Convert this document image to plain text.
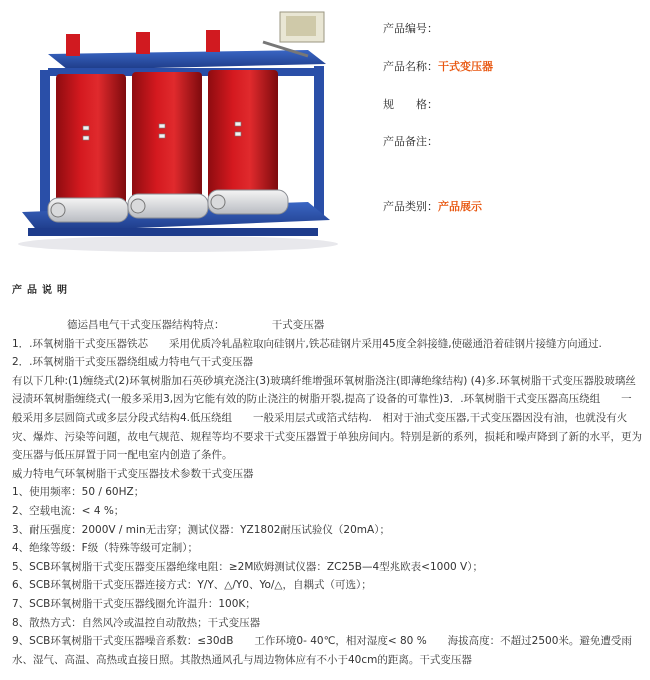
产品编号：
产品名称：干式变压器
规　　格：
产品备注：
产品类别：产品展示
产品说明
德运昌电气干式变压器结构特点：　　　　　干式变压器
1．.环氧树脂干式变压器铁芯　　采用优质冷轧晶粒取向硅钢片,铁芯硅钢片采用45度全斜接缝,使磁通沿着硅钢片接缝方向通过.
2．.环氧树脂干式变压器绕组威力特电气干式变压器
有以下几种:(1)缠绕式(2)环氧树脂加石英砂填充浇注(3)玻璃纤维增强环氧树脂浇注(即薄绝缘结构) (4)多.环氧树脂干式变压器股玻璃丝浸渍环氧树脂缠绕式(一般多采用3,因为它能有效的防止浇注的树脂开裂,提高了设备的可靠性)3．.环氧树脂干式变压器高压绕组　　一般采用多层圆筒式或多层分段式结构4.低压绕组　　一般采用层式或箔式结构.　相对于油式变压器,干式变压器因没有油，也就没有火灾、爆炸、污染等问题，故电气规范、规程等均不要求干式变压器置于单独房间内。特别是新的系列，损耗和噪声降到了新的水平，更为变压器与低压屏置于同一配电室内创造了条件。
威力特电气环氧树脂干式变压器技术参数干式变压器
1、使用频率：50 / 60HZ；
2、空载电流：< 4 %；
3、耐压强度：2000V / min无击穿；测试仪器：YZ1802耐压试验仪（20mA）；
4、绝缘等级：F级（特殊等级可定制）；
5、SCB环氧树脂干式变压器变压器绝缘电阻：≥2M欧姆测试仪器：ZC25B—4型兆欧表<1000 V）；
6、SCB环氧树脂干式变压器连接方式：Y/Y、△/Y0、Yo/△，自耦式（可选）；
7、SCB环氧树脂干式变压器线圈允许温升：100K；
8、散热方式：自然风冷或温控自动散热；干式变压器
9、SCB环氧树脂干式变压器噪音系数：≤30dB　　工作环境0- 40℃，相对湿度< 80 %　　海拔高度：不超过2500米。避免遭受雨水、湿气、高温、高热或直接日照。其散热通风孔与周边物体应有不小于40cm的距离。干式变压器
